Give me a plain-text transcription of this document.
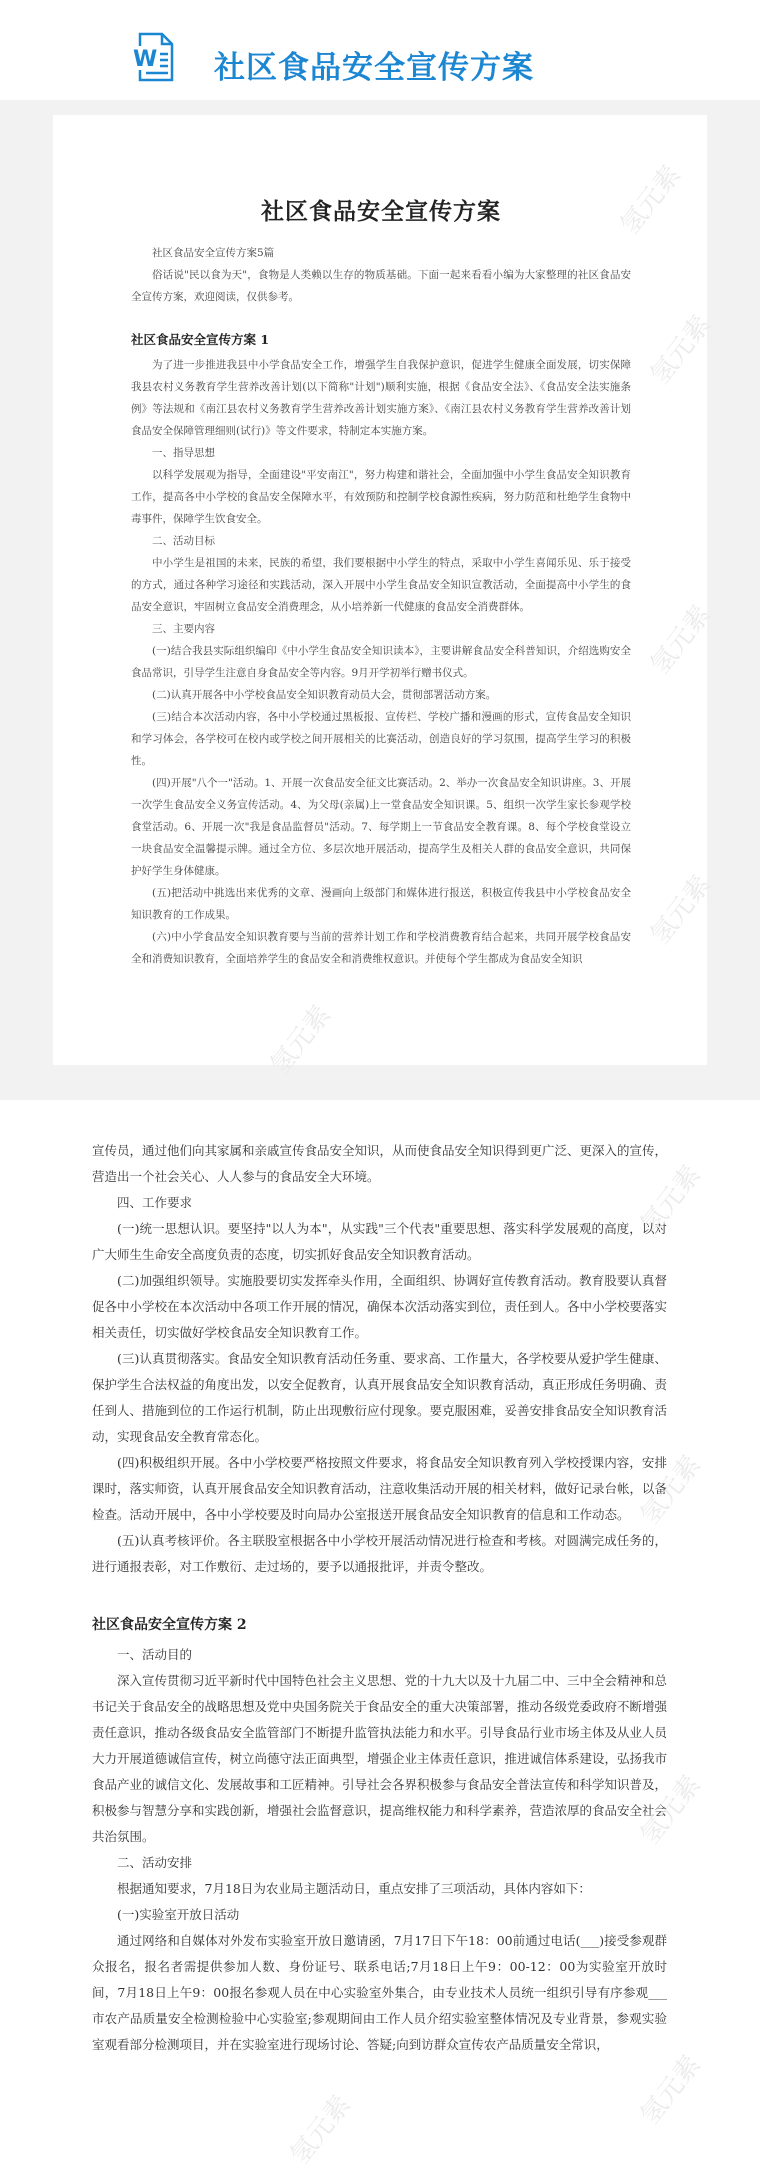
W 社区食品安全宣传方案
社区食品安全宣传方案

社区食品安全宣传方案5篇

俗话说"民以食为天"，食物是人类赖以生存的物质基础。下面一起来看看小编为大家整理的社区食品安全宣传方案，欢迎阅读，仅供参考。

社区食品安全宣传方案 1

为了进一步推进我县中小学食品安全工作，增强学生自我保护意识，促进学生健康全面发展，切实保障我县农村义务教育学生营养改善计划(以下简称"计划")顺利实施，根据《食品安全法》、《食品安全法实施条例》等法规和《南江县农村义务教育学生营养改善计划实施方案》、《南江县农村义务教育学生营养改善计划食品安全保障管理细则(试行)》等文件要求，特制定本实施方案。

一、指导思想

以科学发展观为指导，全面建设"平安南江"，努力构建和谐社会，全面加强中小学生食品安全知识教育工作，提高各中小学校的食品安全保障水平，有效预防和控制学校食源性疾病，努力防范和杜绝学生食物中毒事件，保障学生饮食安全。

二、活动目标

中小学生是祖国的未来，民族的希望，我们要根据中小学生的特点，采取中小学生喜闻乐见、乐于接受的方式，通过各种学习途径和实践活动，深入开展中小学生食品安全知识宣教活动，全面提高中小学生的食品安全意识，牢固树立食品安全消费理念，从小培养新一代健康的食品安全消费群体。

三、主要内容

(一)结合我县实际组织编印《中小学生食品安全知识读本》，主要讲解食品安全科普知识，介绍选购安全食品常识，引导学生注意自身食品安全等内容。9月开学初举行赠书仪式。

(二)认真开展各中小学校食品安全知识教育动员大会，贯彻部署活动方案。

(三)结合本次活动内容，各中小学校通过黑板报、宣传栏、学校广播和漫画的形式，宣传食品安全知识和学习体会，各学校可在校内或学校之间开展相关的比赛活动，创造良好的学习氛围，提高学生学习的积极性。

(四)开展"八个一"活动。1、开展一次食品安全征文比赛活动。2、举办一次食品安全知识讲座。3、开展一次学生食品安全义务宣传活动。4、为父母(亲属)上一堂食品安全知识课。5、组织一次学生家长参观学校食堂活动。6、开展一次"我是食品监督员"活动。7、每学期上一节食品安全教育课。8、每个学校食堂设立一块食品安全温馨提示牌。通过全方位、多层次地开展活动，提高学生及相关人群的食品安全意识，共同保护好学生身体健康。

(五)把活动中挑选出来优秀的文章、漫画向上级部门和媒体进行报送，积极宣传我县中小学校食品安全知识教育的工作成果。

(六)中小学食品安全知识教育要与当前的营养计划工作和学校消费教育结合起来，共同开展学校食品安全和消费知识教育，全面培养学生的食品安全和消费维权意识。并使每个学生都成为食品安全知识

宣传员，通过他们向其家属和亲戚宣传食品安全知识，从而使食品安全知识得到更广泛、更深入的宣传，营造出一个社会关心、人人参与的食品安全大环境。

四、工作要求

(一)统一思想认识。要坚持"以人为本"，从实践"三个代表"重要思想、落实科学发展观的高度，以对广大师生生命安全高度负责的态度，切实抓好食品安全知识教育活动。

(二)加强组织领导。实施股要切实发挥牵头作用，全面组织、协调好宣传教育活动。教育股要认真督促各中小学校在本次活动中各项工作开展的情况，确保本次活动落实到位，责任到人。各中小学校要落实相关责任，切实做好学校食品安全知识教育工作。

(三)认真贯彻落实。食品安全知识教育活动任务重、要求高、工作量大，各学校要从爱护学生健康、保护学生合法权益的角度出发，以安全促教育，认真开展食品安全知识教育活动，真正形成任务明确、责任到人、措施到位的工作运行机制，防止出现敷衍应付现象。要克服困难，妥善安排食品安全知识教育活动，实现食品安全教育常态化。

(四)积极组织开展。各中小学校要严格按照文件要求，将食品安全知识教育列入学校授课内容，安排课时，落实师资，认真开展食品安全知识教育活动，注意收集活动开展的相关材料，做好记录台帐，以备检查。活动开展中，各中小学校要及时向局办公室报送开展食品安全知识教育的信息和工作动态。

(五)认真考核评价。各主联股室根据各中小学校开展活动情况进行检查和考核。对圆满完成任务的，进行通报表彰，对工作敷衍、走过场的，要予以通报批评，并责令整改。

社区食品安全宣传方案 2

一、活动目的

深入宣传贯彻习近平新时代中国特色社会主义思想、党的十九大以及十九届二中、三中全会精神和总书记关于食品安全的战略思想及党中央国务院关于食品安全的重大决策部署，推动各级党委政府不断增强责任意识，推动各级食品安全监管部门不断提升监管执法能力和水平。引导食品行业市场主体及从业人员大力开展道德诚信宣传，树立尚德守法正面典型，增强企业主体责任意识，推进诚信体系建设，弘扬我市食品产业的诚信文化、发展故事和工匠精神。引导社会各界积极参与食品安全普法宣传和科学知识普及，积极参与智慧分享和实践创新，增强社会监督意识，提高维权能力和科学素养，营造浓厚的食品安全社会共治氛围。

二、活动安排

根据通知要求，7月18日为农业局主题活动日，重点安排了三项活动，具体内容如下：

(一)实验室开放日活动

通过网络和自媒体对外发布实验室开放日邀请函，7月17日下午18：00前通过电话(___)接受参观群众报名，报名者需提供参加人数、身份证号、联系电话;7月18日上午9：00-12：00为实验室开放时间，7月18日上午9：00报名参观人员在中心实验室外集合，由专业技术人员统一组织引导有序参观___市农产品质量安全检测检验中心实验室;参观期间由工作人员介绍实验室整体情况及专业背景，参观实验室观看部分检测项目，并在实验室进行现场讨论、答疑;向到访群众宣传农产品质量安全常识，

氢元素
氢元素
氢元素
氢元素
氢元素
氢元素
氢元素
氢元素
氢元素
氢元素
